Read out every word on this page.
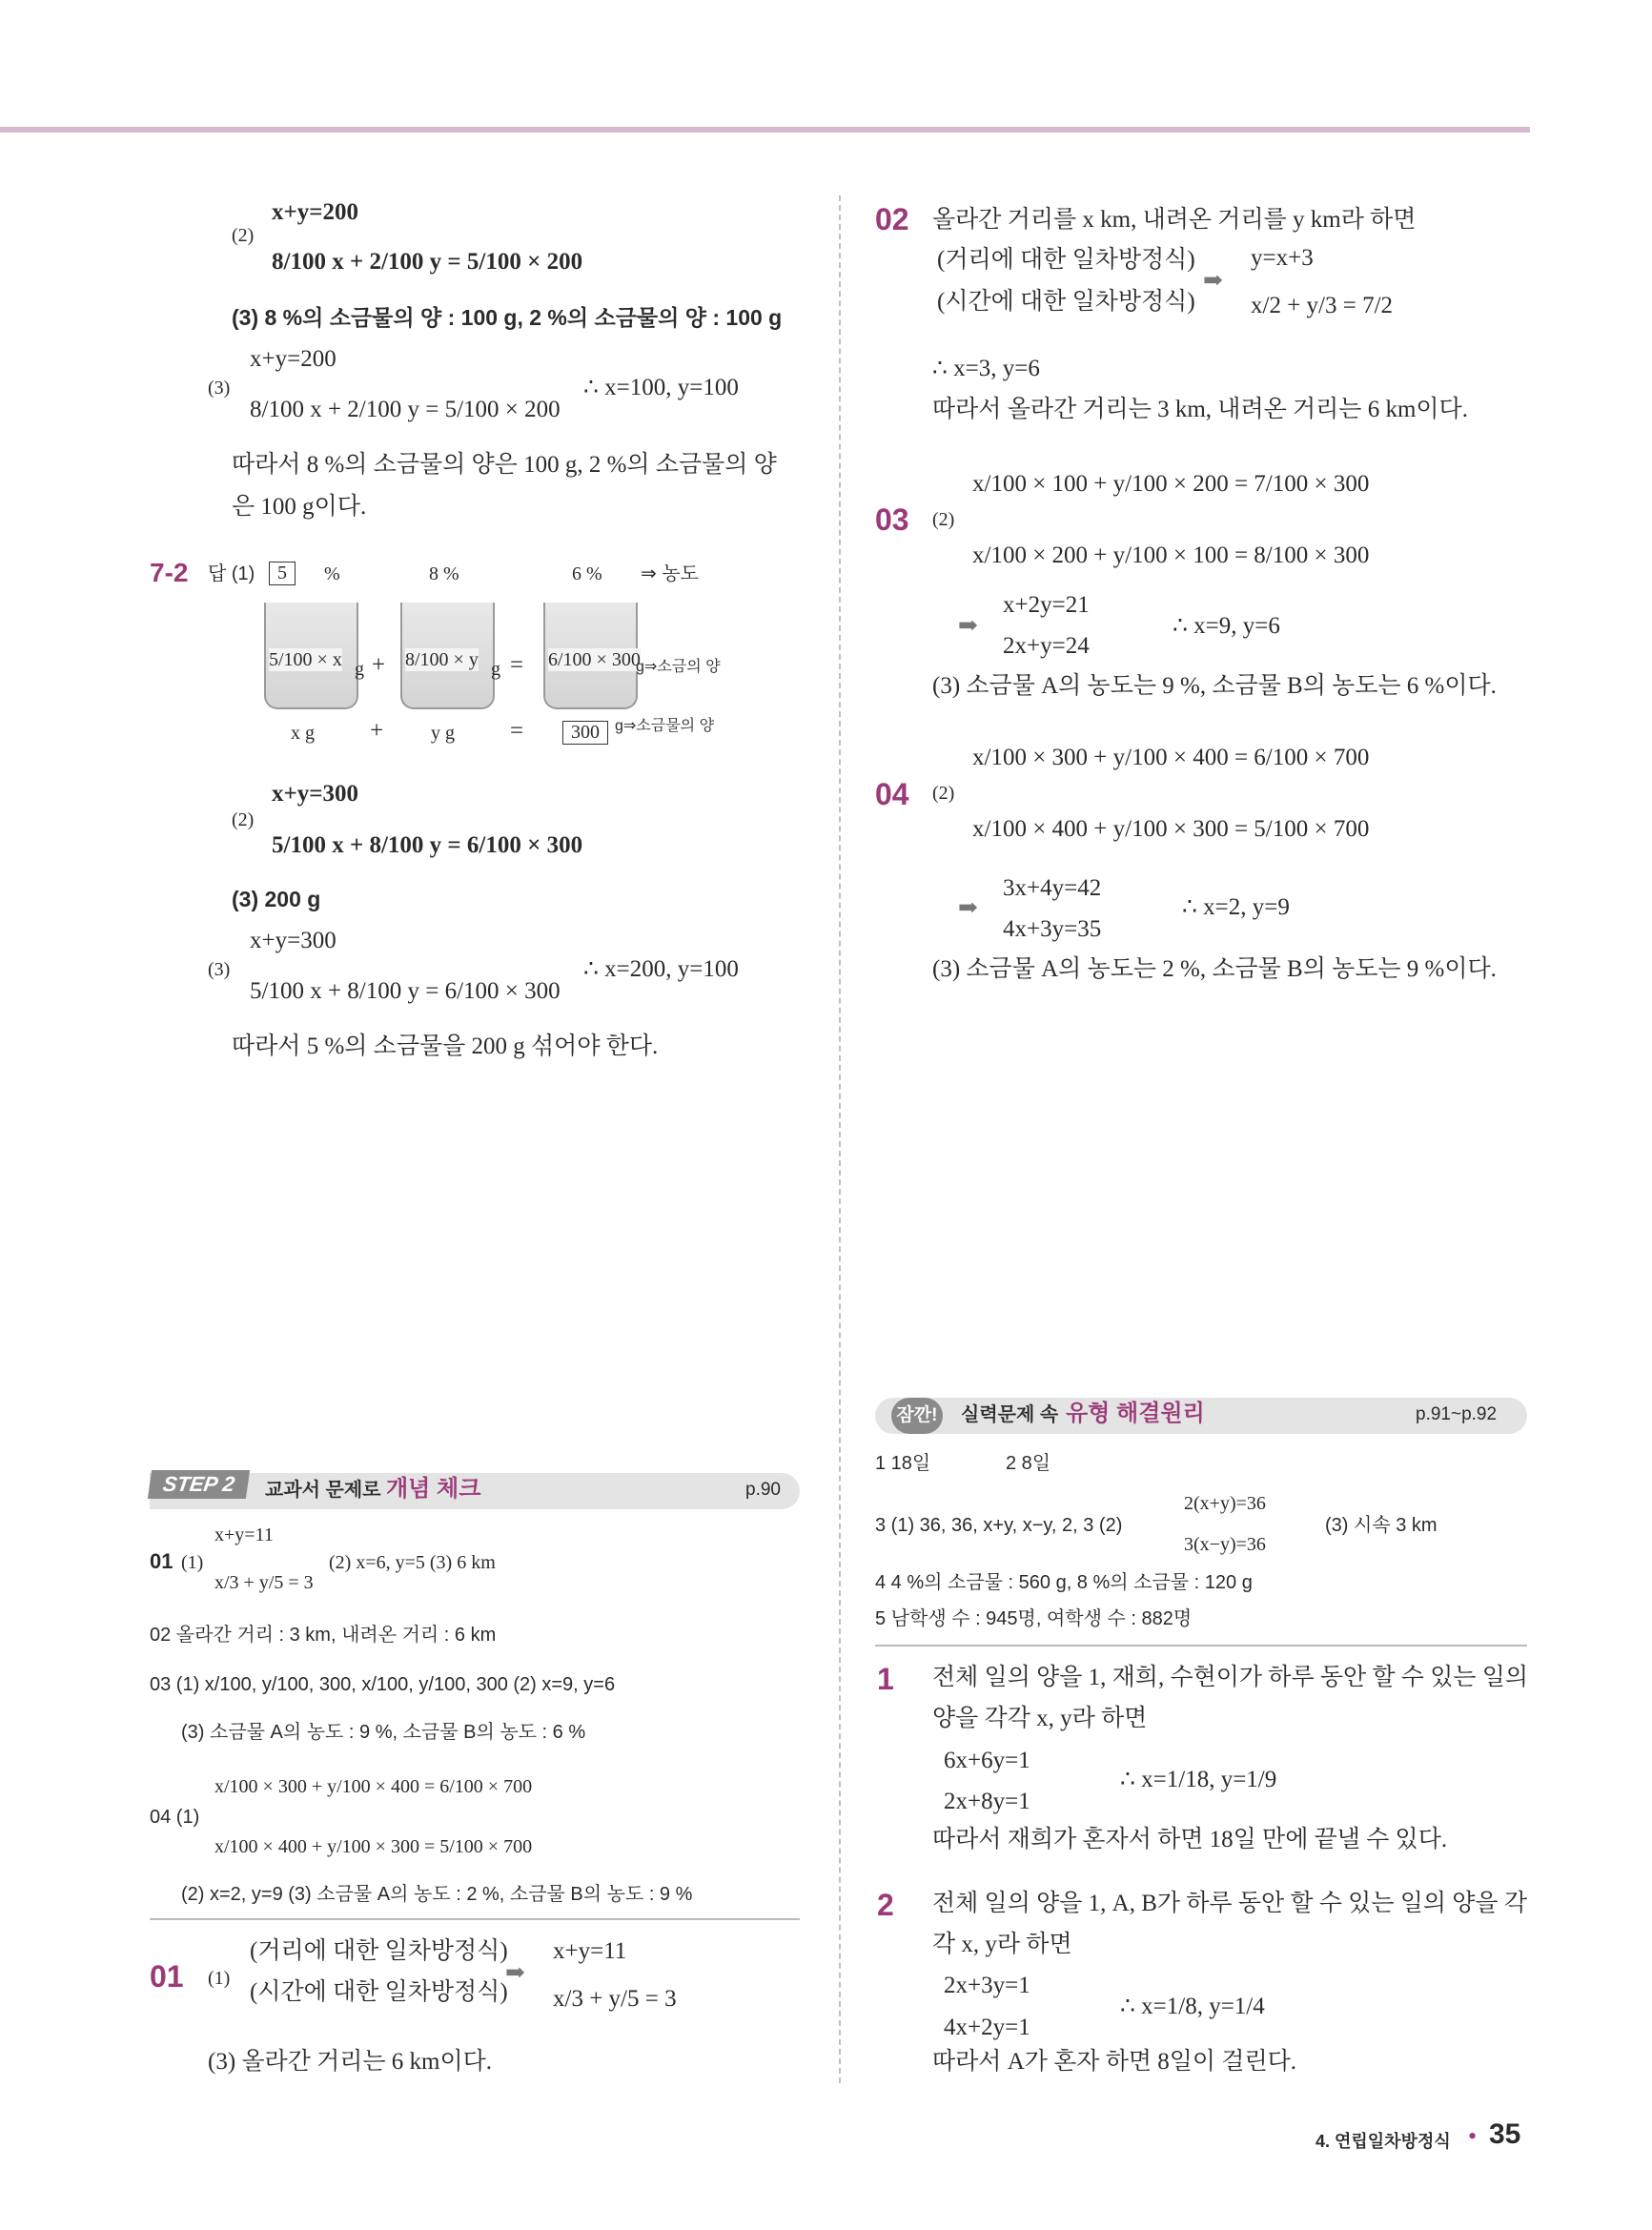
(2)
x+y=200
8/100 x + 2/100 y = 5/100 × 200
(3) 8 %의 소금물의 양 : 100 g, 2 %의 소금물의 양 : 100 g
(3)
x+y=200
8/100 x + 2/100 y = 5/100 × 200
∴ x=100, y=100
따라서 8 %의 소금물의 양은 100 g, 2 %의 소금물의 양
은 100 g이다.
7-2 답 (1)	5	%	8 %	6 % ⇒ 농도
5/100 × x	8/100 × y	6/100 × 300
g +	g =	g⇒소금의 양
x g + y g =	300	g⇒소금물의 양
(2)
x+y=300
5/100 x + 8/100 y = 6/100 × 300
(3) 200 g
(3)
x+y=300
5/100 x + 8/100 y = 6/100 × 300
∴ x=200, y=100
따라서 5 %의 소금물을 200 g 섞어야 한다.
STEP 2	교과서 문제로 개념 체크	p.90
01 (1)
x+y=11
x/3 + y/5 = 3
(2) x=6, y=5 (3) 6 km
02 올라간 거리 : 3 km, 내려온 거리 : 6 km
03 (1) x/100, y/100, 300, x/100, y/100, 300 (2) x=9, y=6
(3) 소금물 A의 농도 : 9 %, 소금물 B의 농도 : 6 %
04 (1)
x/100 × 300 + y/100 × 400 = 6/100 × 700
x/100 × 400 + y/100 × 300 = 5/100 × 700
(2) x=2, y=9 (3) 소금물 A의 농도 : 2 %, 소금물 B의 농도 : 9 %
01 (1)
(거리에 대한 일차방정식)
(시간에 대한 일차방정식)
➡
x+y=11
x/3 + y/5 = 3
(3) 올라간 거리는 6 km이다.
02 올라간 거리를 x km, 내려온 거리를 y km라 하면
(거리에 대한 일차방정식)
(시간에 대한 일차방정식)
➡
y=x+3
x/2 + y/3 = 7/2
∴ x=3, y=6
따라서 올라간 거리는 3 km, 내려온 거리는 6 km이다.
03 (2)
x/100 × 100 + y/100 × 200 = 7/100 × 300
x/100 × 200 + y/100 × 100 = 8/100 × 300
➡
x+2y=21
2x+y=24
∴ x=9, y=6
(3) 소금물 A의 농도는 9 %, 소금물 B의 농도는 6 %이다.
04 (2)
x/100 × 300 + y/100 × 400 = 6/100 × 700
x/100 × 400 + y/100 × 300 = 5/100 × 700
➡
3x+4y=42
4x+3y=35
∴ x=2, y=9
(3) 소금물 A의 농도는 2 %, 소금물 B의 농도는 9 %이다.
잠깐! 실력문제 속 유형 해결원리	p.91~p.92
1 18일	2 8일
3 (1) 36, 36, x+y, x−y, 2, 3 (2)
2(x+y)=36
3(x−y)=36
(3) 시속 3 km
4 4 %의 소금물 : 560 g, 8 %의 소금물 : 120 g
5 남학생 수 : 945명, 여학생 수 : 882명
1 전체 일의 양을 1, 재희, 수현이가 하루 동안 할 수 있는 일의
양을 각각 x, y라 하면
6x+6y=1
2x+8y=1
∴ x=1/18, y=1/9
따라서 재희가 혼자서 하면 18일 만에 끝낼 수 있다.
2 전체 일의 양을 1, A, B가 하루 동안 할 수 있는 일의 양을 각
각 x, y라 하면
2x+3y=1
4x+2y=1
∴ x=1/8, y=1/4
따라서 A가 혼자 하면 8일이 걸린다.
4. 연립일차방정식 • 35
